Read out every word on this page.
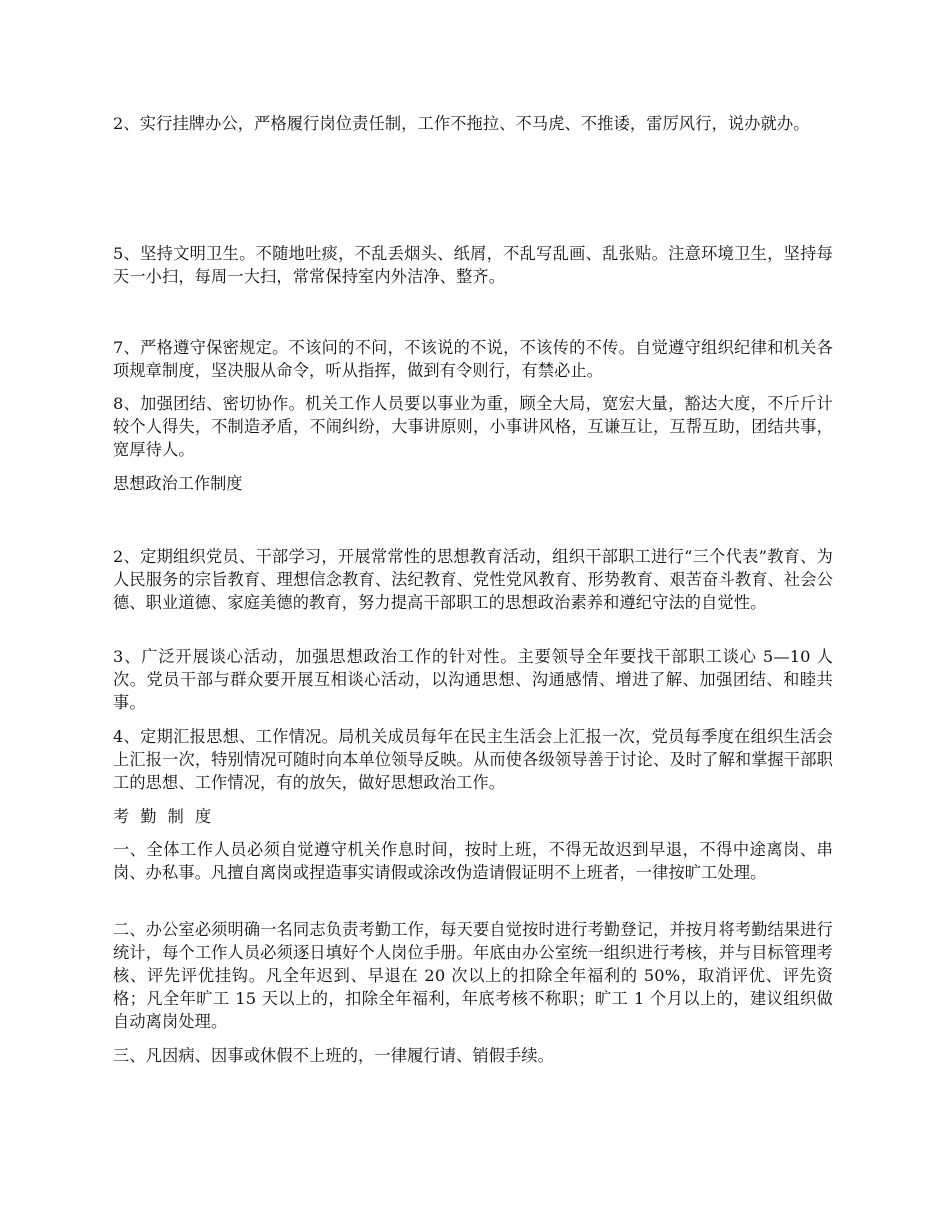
2、实行挂牌办公，严格履行岗位责任制，工作不拖拉、不马虎、不推诿，雷厉风行，说办就办。

5、坚持文明卫生。不随地吐痰，不乱丢烟头、纸屑，不乱写乱画、乱张贴。注意环境卫生，坚持每天一小扫，每周一大扫，常常保持室内外洁净、整齐。

7、严格遵守保密规定。不该问的不问，不该说的不说，不该传的不传。自觉遵守组织纪律和机关各项规章制度，坚决服从命令，听从指挥，做到有令则行，有禁必止。

8、加强团结、密切协作。机关工作人员要以事业为重，顾全大局，宽宏大量，豁达大度，不斤斤计较个人得失，不制造矛盾，不闹纠纷，大事讲原则，小事讲风格，互谦互让，互帮互助，团结共事，宽厚待人。

思想政治工作制度

2、定期组织党员、干部学习，开展常常性的思想教育活动，组织干部职工进行“三个代表”教育、为人民服务的宗旨教育、理想信念教育、法纪教育、党性党风教育、形势教育、艰苦奋斗教育、社会公德、职业道德、家庭美德的教育，努力提高干部职工的思想政治素养和遵纪守法的自觉性。

3、广泛开展谈心活动，加强思想政治工作的针对性。主要领导全年要找干部职工谈心 5—10 人次。党员干部与群众要开展互相谈心活动，以沟通思想、沟通感情、增进了解、加强团结、和睦共事。

4、定期汇报思想、工作情况。局机关成员每年在民主生活会上汇报一次，党员每季度在组织生活会上汇报一次，特别情况可随时向本单位领导反映。从而使各级领导善于讨论、及时了解和掌握干部职工的思想、工作情况，有的放矢，做好思想政治工作。

考 勤 制 度

一、全体工作人员必须自觉遵守机关作息时间，按时上班，不得无故迟到早退，不得中途离岗、串岗、办私事。凡擅自离岗或捏造事实请假或涂改伪造请假证明不上班者，一律按旷工处理。

二、办公室必须明确一名同志负责考勤工作，每天要自觉按时进行考勤登记，并按月将考勤结果进行统计，每个工作人员必须逐日填好个人岗位手册。年底由办公室统一组织进行考核，并与目标管理考核、评先评优挂钩。凡全年迟到、早退在 20 次以上的扣除全年福利的 50%，取消评优、评先资格；凡全年旷工 15 天以上的，扣除全年福利，年底考核不称职；旷工 1 个月以上的，建议组织做自动离岗处理。

三、凡因病、因事或休假不上班的，一律履行请、销假手续。
